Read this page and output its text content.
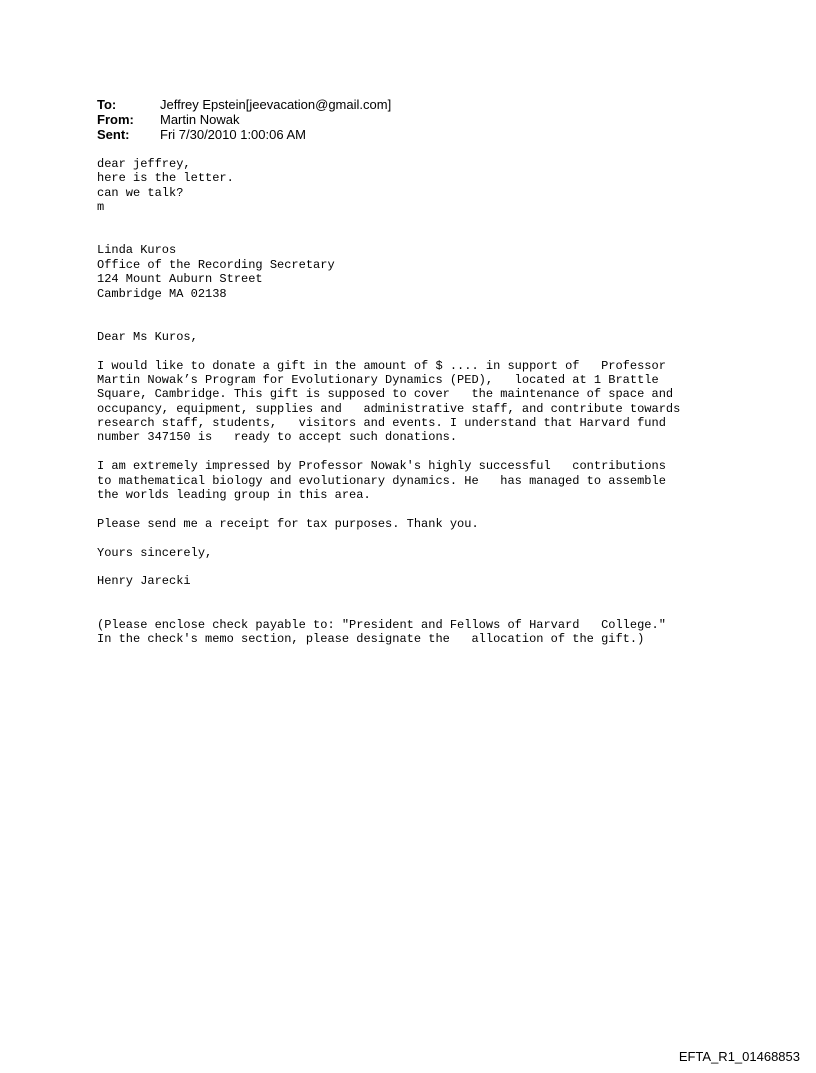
To:	Jeffrey Epstein[jeevacation@gmail.com]
From:	Martin Nowak
Sent:	Fri 7/30/2010 1:00:06 AM

dear jeffrey,

here is the letter.

can we talk?

m

Linda Kuros

Office of the Recording Secretary

124 Mount Auburn Street

Cambridge MA 02138

Dear Ms Kuros,

I would like to donate a gift in the amount of $ .... in support of   Professor

Martin Nowak’s Program for Evolutionary Dynamics (PED),   located at 1 Brattle

Square, Cambridge. This gift is supposed to cover   the maintenance of space and

occupancy, equipment, supplies and   administrative staff, and contribute towards

research staff, students,   visitors and events. I understand that Harvard fund

number 347150 is   ready to accept such donations.

I am extremely impressed by Professor Nowak's highly successful   contributions

to mathematical biology and evolutionary dynamics. He   has managed to assemble

the worlds leading group in this area.

Please send me a receipt for tax purposes. Thank you.

Yours sincerely,

Henry Jarecki

(Please enclose check payable to: "President and Fellows of Harvard   College."

In the check's memo section, please designate the   allocation of the gift.)

EFTA_R1_01468853
